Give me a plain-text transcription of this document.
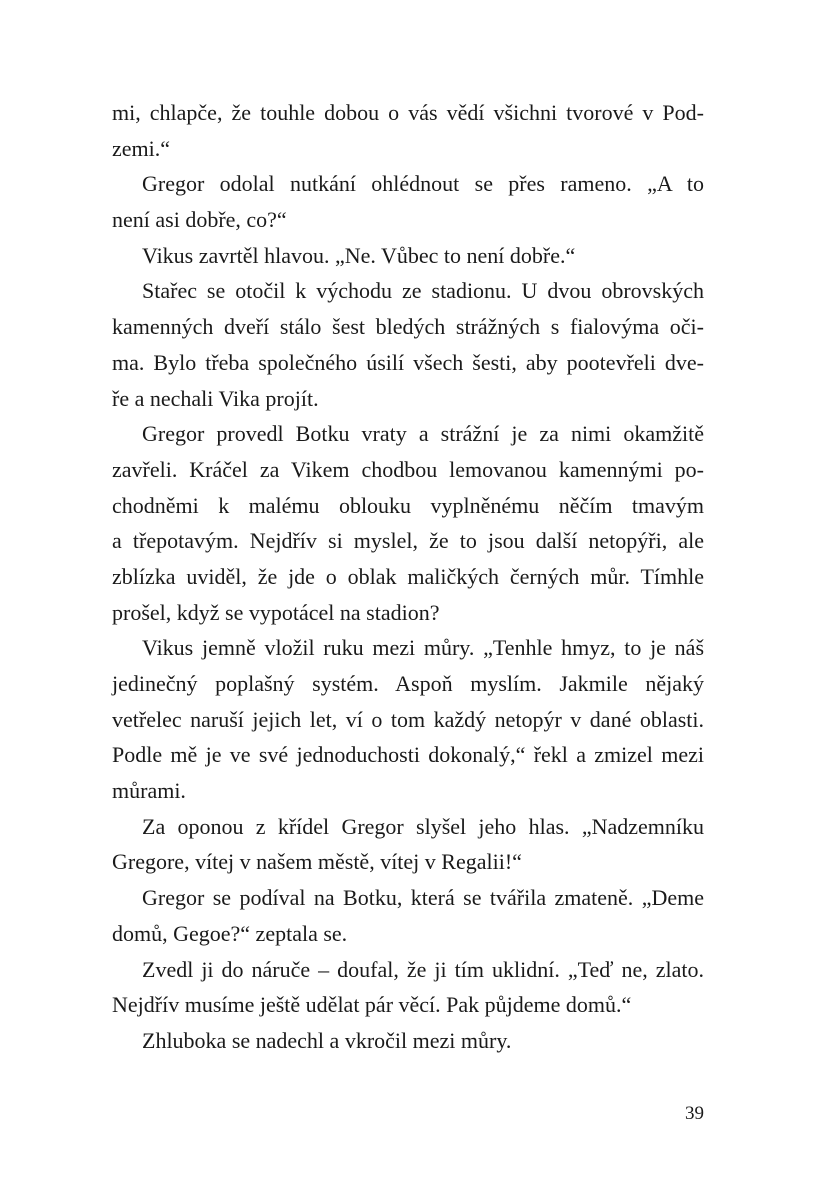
mi, chlapče, že touhle dobou o vás vědí všichni tvorové v Pod-
zemi.“
Gregor odolal nutkání ohlédnout se přes rameno. „A to
není asi dobře, co?“
Vikus zavrtěl hlavou. „Ne. Vůbec to není dobře.“
Stařec se otočil k východu ze stadionu. U dvou obrovských
kamenných dveří stálo šest bledých strážných s fialovýma oči-
ma. Bylo třeba společného úsilí všech šesti, aby pootevřeli dve-
ře a nechali Vika projít.
Gregor provedl Botku vraty a strážní je za nimi okamžitě
zavřeli. Kráčel za Vikem chodbou lemovanou kamennými po-
chodněmi k malému oblouku vyplněnému něčím tmavým
a třepotavým. Nejdřív si myslel, že to jsou další netopýři, ale
zblízka uviděl, že jde o oblak maličkých černých můr. Tímhle
prošel, když se vypotácel na stadion?
Vikus jemně vložil ruku mezi můry. „Tenhle hmyz, to je náš
jedinečný poplašný systém. Aspoň myslím. Jakmile nějaký
vetřelec naruší jejich let, ví o tom každý netopýr v dané oblasti.
Podle mě je ve své jednoduchosti dokonalý,“ řekl a zmizel mezi
můrami.
Za oponou z křídel Gregor slyšel jeho hlas. „Nadzemníku
Gregore, vítej v našem městě, vítej v Regalii!“
Gregor se podíval na Botku, která se tvářila zmateně. „Deme
domů, Gegoe?“ zeptala se.
Zvedl ji do náruče – doufal, že ji tím uklidní. „Teď ne, zlato.
Nejdřív musíme ještě udělat pár věcí. Pak půjdeme domů.“
Zhluboka se nadechl a vkročil mezi můry.
39
